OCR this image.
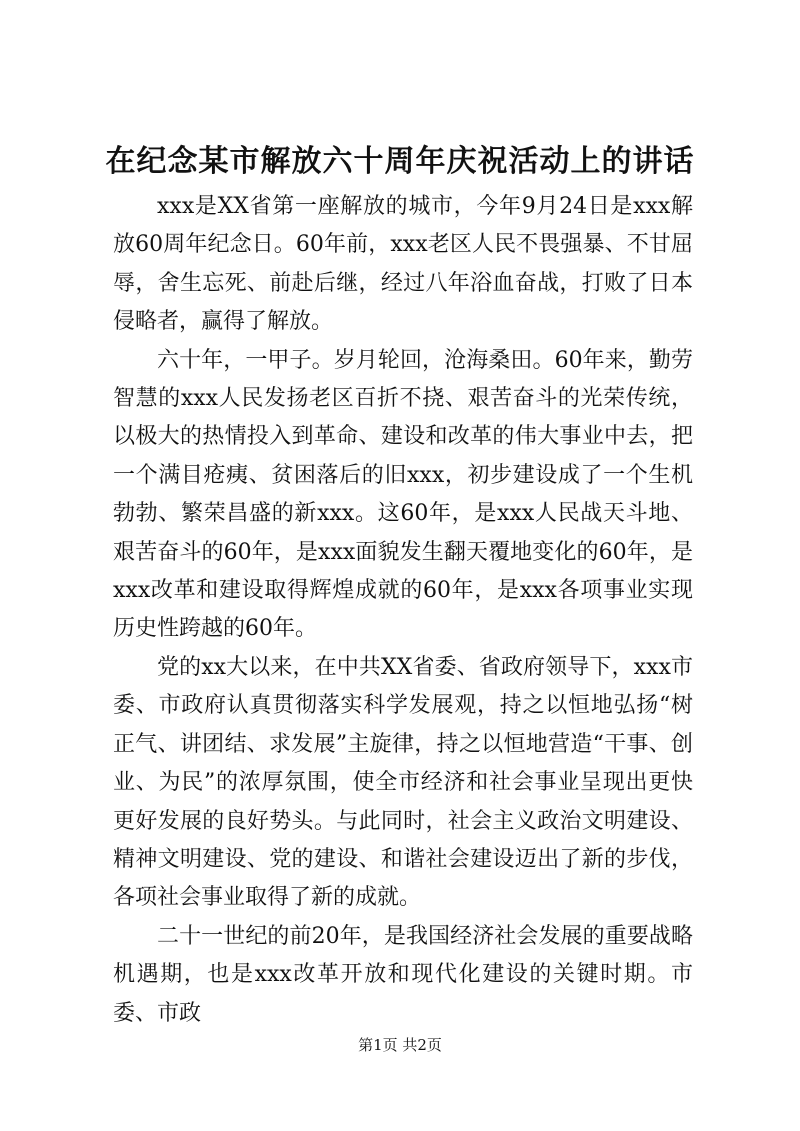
在纪念某市解放六十周年庆祝活动上的讲话

xxx是XX省第一座解放的城市，今年9月24日是xxx解放60周年纪念日。60年前，xxx老区人民不畏强暴、不甘屈辱，舍生忘死、前赴后继，经过八年浴血奋战，打败了日本侵略者，赢得了解放。

六十年，一甲子。岁月轮回，沧海桑田。60年来，勤劳智慧的xxx人民发扬老区百折不挠、艰苦奋斗的光荣传统，以极大的热情投入到革命、建设和改革的伟大事业中去，把一个满目疮痍、贫困落后的旧xxx，初步建设成了一个生机勃勃、繁荣昌盛的新xxx。这60年，是xxx人民战天斗地、艰苦奋斗的60年，是xxx面貌发生翻天覆地变化的60年，是xxx改革和建设取得辉煌成就的60年，是xxx各项事业实现历史性跨越的60年。

党的xx大以来，在中共XX省委、省政府领导下，xxx市委、市政府认真贯彻落实科学发展观，持之以恒地弘扬“树正气、讲团结、求发展”主旋律，持之以恒地营造“干事、创业、为民”的浓厚氛围，使全市经济和社会事业呈现出更快更好发展的良好势头。与此同时，社会主义政治文明建设、精神文明建设、党的建设、和谐社会建设迈出了新的步伐，各项社会事业取得了新的成就。

二十一世纪的前20年，是我国经济社会发展的重要战略机遇期，也是xxx改革开放和现代化建设的关键时期。市委、市政

第1页 共2页
